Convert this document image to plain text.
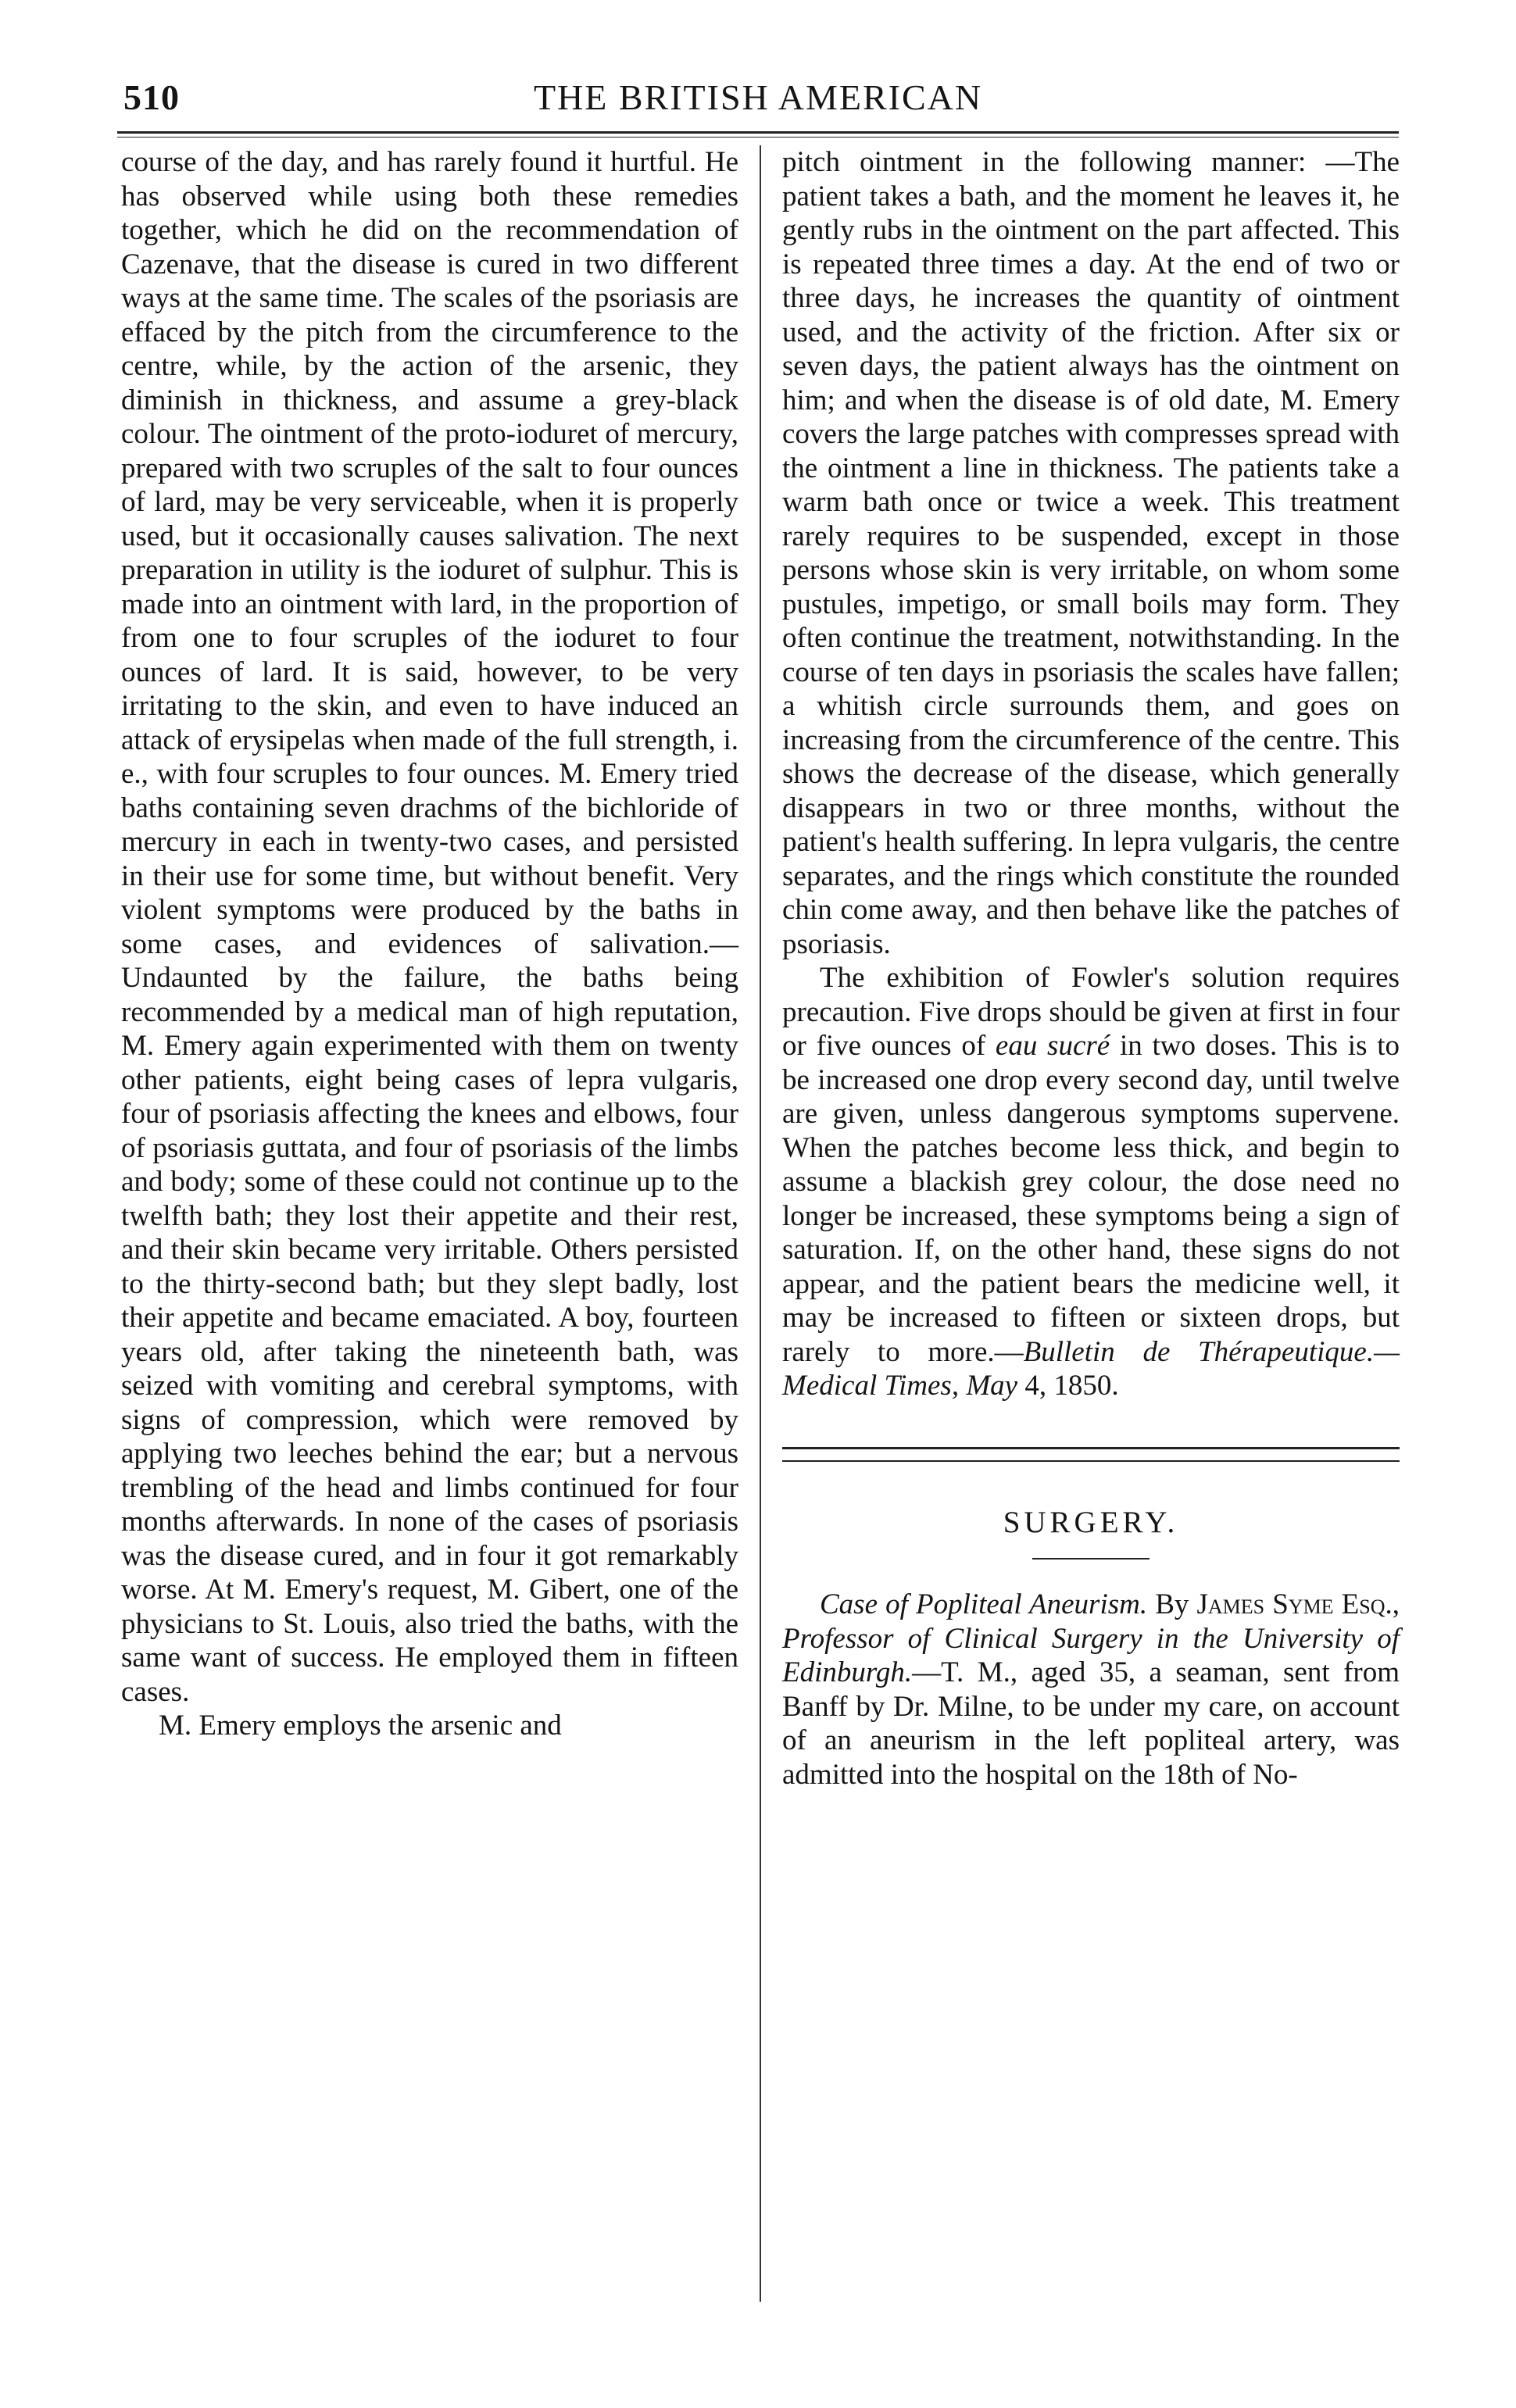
510	THE BRITISH AMERICAN

course of the day, and has rarely found it hurtful. He has observed while using both these remedies together, which he did on the recommendation of Cazenave, that the disease is cured in two different ways at the same time. The scales of the psoriasis are effaced by the pitch from the circumference to the centre, while, by the action of the arsenic, they diminish in thickness, and assume a grey-black colour. The ointment of the proto-ioduret of mercury, prepared with two scruples of the salt to four ounces of lard, may be very serviceable, when it is properly used, but it occasionally causes salivation. The next preparation in utility is the ioduret of sulphur. This is made into an ointment with lard, in the proportion of from one to four scruples of the ioduret to four ounces of lard. It is said, however, to be very irritating to the skin, and even to have induced an attack of erysipelas when made of the full strength, i. e., with four scruples to four ounces. M. Emery tried baths containing seven drachms of the bichloride of mercury in each in twenty-two cases, and persisted in their use for some time, but without benefit. Very violent symptoms were produced by the baths in some cases, and evidences of salivation.— Undaunted by the failure, the baths being recommended by a medical man of high reputation, M. Emery again experimented with them on twenty other patients, eight being cases of lepra vulgaris, four of psoriasis affecting the knees and elbows, four of psoriasis guttata, and four of psoriasis of the limbs and body; some of these could not continue up to the twelfth bath; they lost their appetite and their rest, and their skin became very irritable. Others persisted to the thirty-second bath; but they slept badly, lost their appetite and became emaciated. A boy, fourteen years old, after taking the nineteenth bath, was seized with vomiting and cerebral symptoms, with signs of compression, which were removed by applying two leeches behind the ear; but a nervous trembling of the head and limbs continued for four months afterwards. In none of the cases of psoriasis was the disease cured, and in four it got remarkably worse. At M. Emery's request, M. Gibert, one of the physicians to St. Louis, also tried the baths, with the same want of success. He employed them in fifteen cases.

M. Emery employs the arsenic and

pitch ointment in the following manner: —The patient takes a bath, and the moment he leaves it, he gently rubs in the ointment on the part affected. This is repeated three times a day. At the end of two or three days, he increases the quantity of ointment used, and the activity of the friction. After six or seven days, the patient always has the ointment on him; and when the disease is of old date, M. Emery covers the large patches with compresses spread with the ointment a line in thickness. The patients take a warm bath once or twice a week. This treatment rarely requires to be suspended, except in those persons whose skin is very irritable, on whom some pustules, impetigo, or small boils may form. They often continue the treatment, notwithstanding. In the course of ten days in psoriasis the scales have fallen; a whitish circle surrounds them, and goes on increasing from the circumference of the centre. This shows the decrease of the disease, which generally disappears in two or three months, without the patient's health suffering. In lepra vulgaris, the centre separates, and the rings which constitute the rounded chin come away, and then behave like the patches of psoriasis.

The exhibition of Fowler's solution requires precaution. Five drops should be given at first in four or five ounces of eau sucré in two doses. This is to be increased one drop every second day, until twelve are given, unless dangerous symptoms supervene. When the patches become less thick, and begin to assume a blackish grey colour, the dose need no longer be increased, these symptoms being a sign of saturation. If, on the other hand, these signs do not appear, and the patient bears the medicine well, it may be increased to fifteen or sixteen drops, but rarely to more.—Bulletin de Thérapeutique.—Medical Times, May 4, 1850.

SURGERY.

Case of Popliteal Aneurism. By James Syme Esq., Professor of Clinical Surgery in the University of Edinburgh.—T. M., aged 35, a seaman, sent from Banff by Dr. Milne, to be under my care, on account of an aneurism in the left popliteal artery, was admitted into the hospital on the 18th of No-
